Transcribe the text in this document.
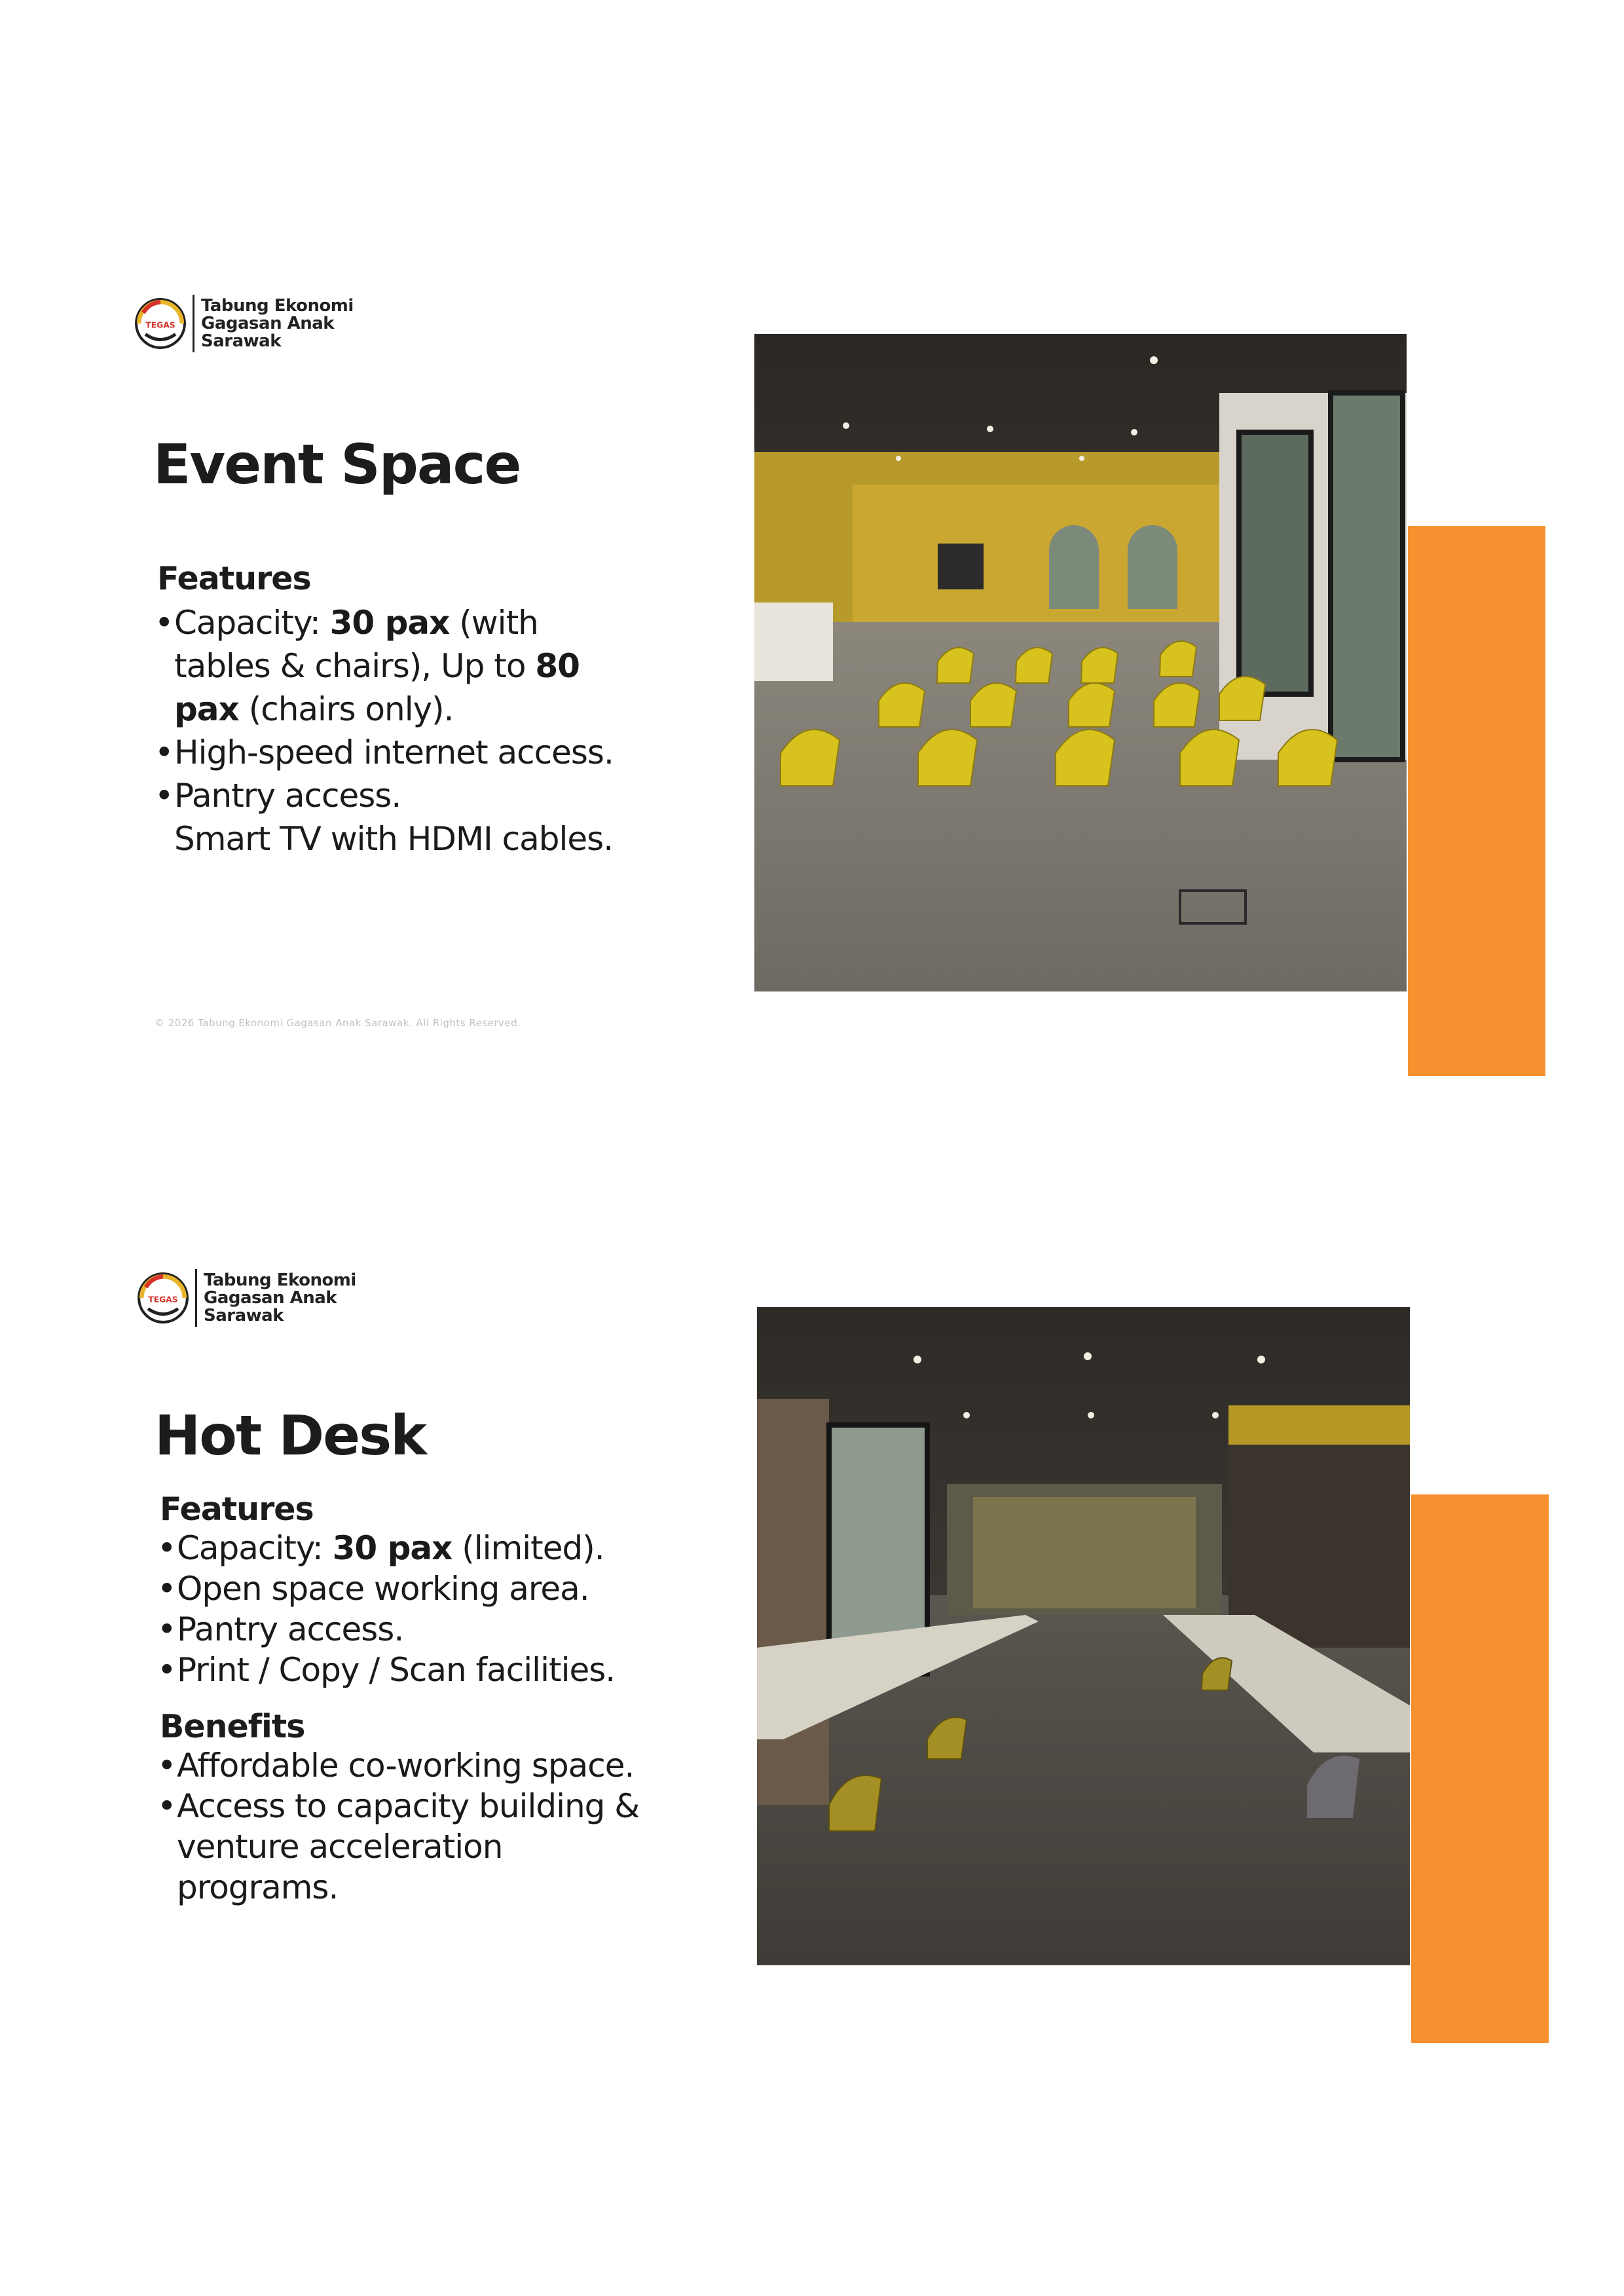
TEGAS
Tabung Ekonomi
Gagasan Anak
Sarawak
Event Space
Features
• Capacity: 30 pax (with
tables & chairs), Up to 80
pax (chairs only).
• High-speed internet access.
• Pantry access.
Smart TV with HDMI cables.
© 2026 Tabung Ekonomi Gagasan Anak Sarawak. All Rights Reserved.
TEGAS
Tabung Ekonomi
Gagasan Anak
Sarawak
Hot Desk
Features
• Capacity: 30 pax (limited).
• Open space working area.
• Pantry access.
• Print / Copy / Scan facilities.
Benefits
• Affordable co-working space.
• Access to capacity building &
venture acceleration
programs.
